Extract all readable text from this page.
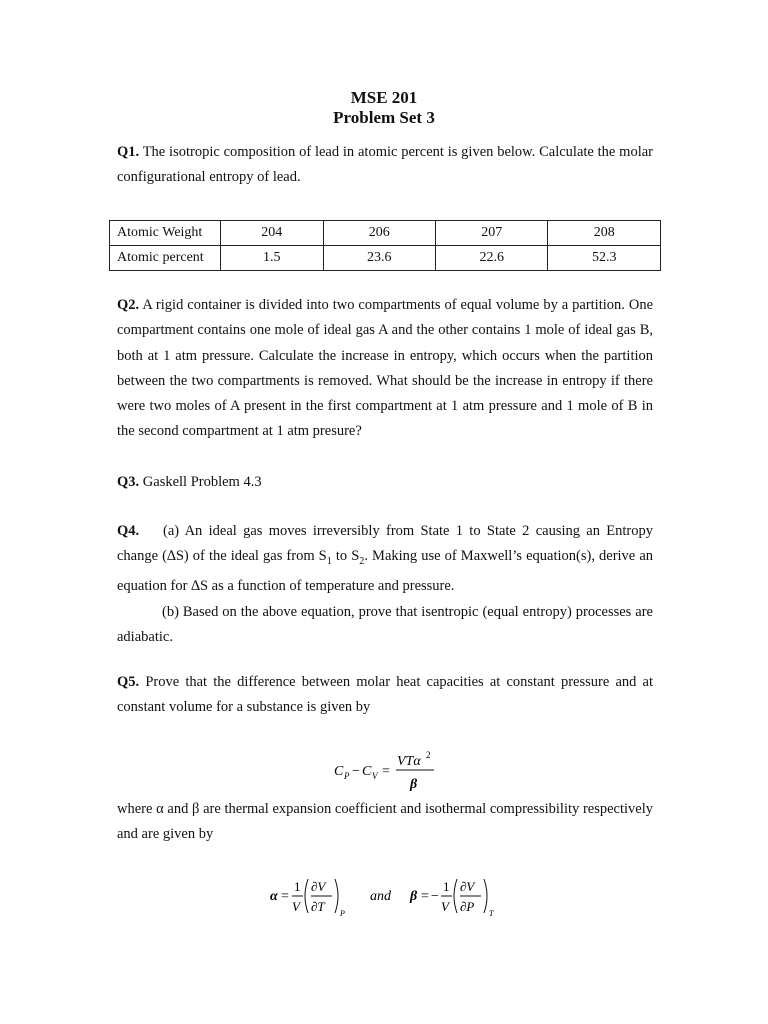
MSE 201
Problem Set 3
Q1. The isotropic composition of lead in atomic percent is given below. Calculate the molar configurational entropy of lead.
Atomic Weight	204	206	207	208
Atomic percent	1.5	23.6	22.6	52.3
Q2. A rigid container is divided into two compartments of equal volume by a partition. One compartment contains one mole of ideal gas A and the other contains 1 mole of ideal gas B, both at 1 atm pressure. Calculate the increase in entropy, which occurs when the partition between the two compartments is removed. What should be the increase in entropy if there were two moles of A present in the first compartment at 1 atm pressure and 1 mole of B in the second compartment at 1 atm presure?
Q3. Gaskell Problem 4.3
Q4. (a) An ideal gas moves irreversibly from State 1 to State 2 causing an Entropy change (∆S) of the ideal gas from $S_1$ to $S_2$. Making use of Maxwell’s equation(s), derive an equation for ∆S as a function of temperature and pressure.
(b) Based on the above equation, prove that isentropic (equal entropy) processes are adiabatic.
Q5. Prove that the difference between molar heat capacities at constant pressure and at constant volume for a substance is given by
C P − C V =
VTα 2
β
where α and β are thermal expansion coefficient and isothermal compressibility respectively and are given by
α =
1
V
∂V
∂T P
and β = −
1
V
∂V
∂P T
